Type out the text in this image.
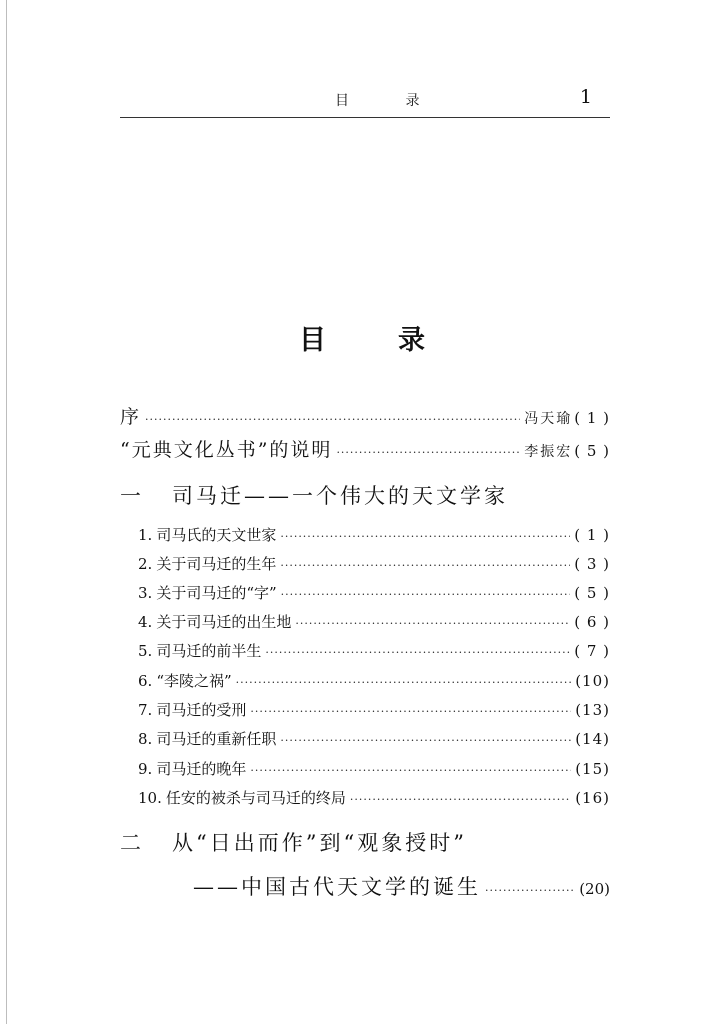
目 录	1
目录
序 ·····	冯天瑜 ( 1 )
“元典文化丛书”的说明 ·····	李振宏 ( 5 )
一	司马迁——一个伟大的天文学家
1. 司马氏的天文世家 ·····	( 1 )
2. 关于司马迁的生年 ·····	( 3 )
3. 关于司马迁的“字” ·····	( 5 )
4. 关于司马迁的出生地 ·····	( 6 )
5. 司马迁的前半生 ·····	( 7 )
6. “李陵之祸” ·····	(10)
7. 司马迁的受刑 ·····	(13)
8. 司马迁的重新任职 ·····	(14)
9. 司马迁的晚年 ·····	(15)
10. 任安的被杀与司马迁的终局 ·····	(16)
二	从“日出而作”到“观象授时”
——中国古代天文学的诞生 ·····	(20)
